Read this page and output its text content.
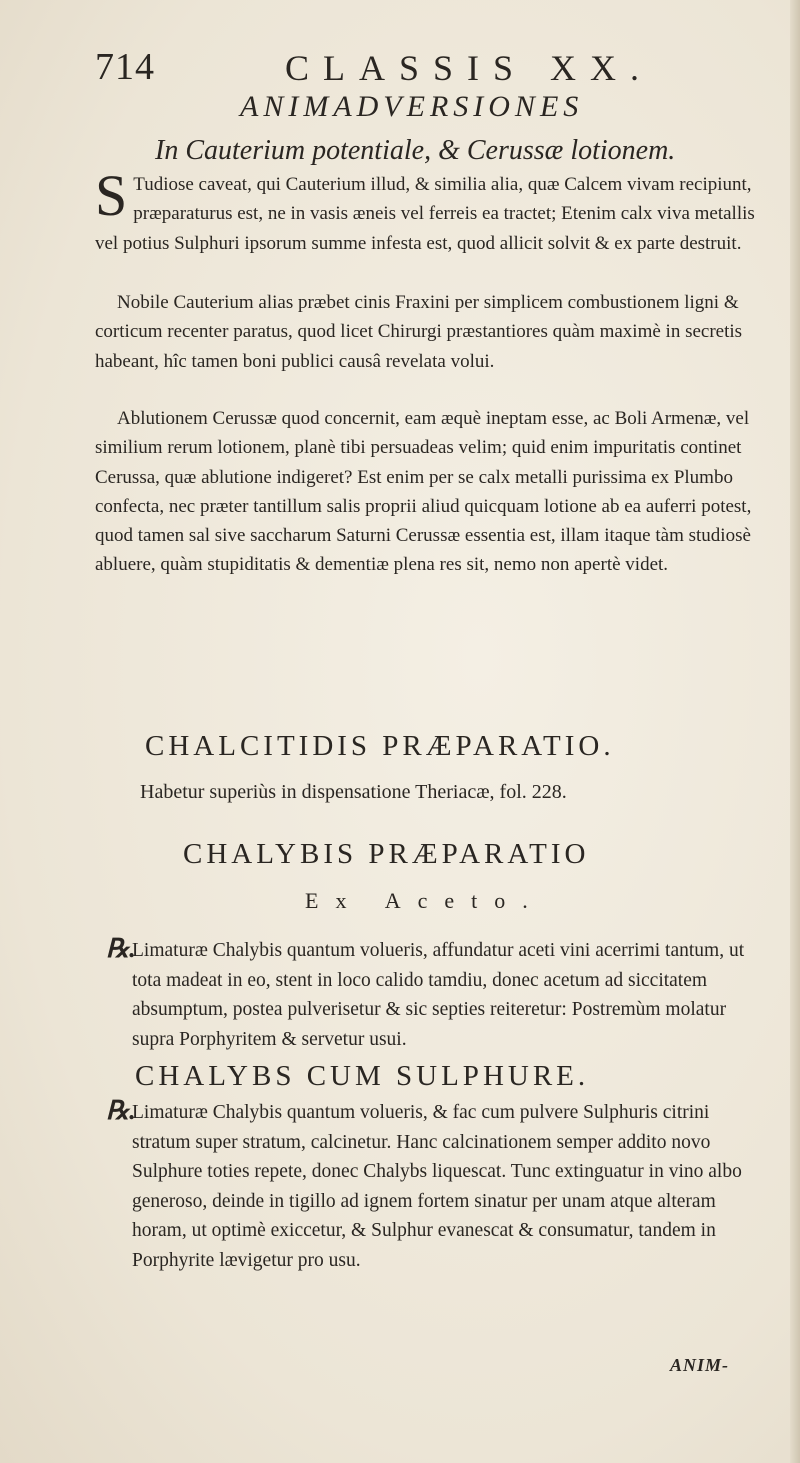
714	CLASSIS XX.
ANIMADVERSIONES
In Cauterium potentiale, & Cerussæ lotionem.
S Tudiose caveat, qui Cauterium illud, & similia alia, quæ Calcem vivam recipiunt, præparaturus est, ne in vasis æneis vel ferreis ea tractet; Etenim calx viva metallis vel potius Sulphuri ipsorum summe infesta est, quod allicit solvit & ex parte destruit.
Nobile Cauterium alias præbet cinis Fraxini per simplicem combustionem ligni & corticum recenter paratus, quod licet Chirurgi præstantiores quàm maximè in secretis habeant, hîc tamen boni publici causâ revelata volui.
Ablutionem Cerussæ quod concernit, eam æquè ineptam esse, ac Boli Armenæ, vel similium rerum lotionem, planè tibi persuadeas velim; quid enim impuritatis continet Cerussa, quæ ablutione indigeret? Est enim per se calx metalli purissima ex Plumbo confecta, nec præter tantillum salis proprii aliud quicquam lotione ab ea auferri potest, quod tamen sal sive saccharum Saturni Cerussæ essentia est, illam itaque tàm studiosè abluere, quàm stupiditatis & dementiæ plena res sit, nemo non apertè videt.
CHALCITIDIS PRÆPARATIO.
Habetur superiùs in dispensatione Theriacæ, fol. 228.
CHALYBIS PRÆPARATIO
Ex Aceto.
℞.
Limaturæ Chalybis quantum volueris, affundatur aceti vini acerrimi tantum, ut tota madeat in eo, stent in loco calido tamdiu, donec acetum ad siccitatem absumptum, postea pulverisetur & sic septies reiteretur: Postremùm molatur supra Porphyritem & servetur usui.
CHALYBS CUM SULPHURE.
℞.
Limaturæ Chalybis quantum volueris, & fac cum pulvere Sulphuris citrini stratum super stratum, calcinetur. Hanc calcinationem semper addito novo Sulphure toties repete, donec Chalybs liquescat. Tunc extinguatur in vino albo generoso, deinde in tigillo ad ignem fortem sinatur per unam atque alteram horam, ut optimè exiccetur, & Sulphur evanescat & consumatur, tandem in Porphyrite lævigetur pro usu.
ANIM-
